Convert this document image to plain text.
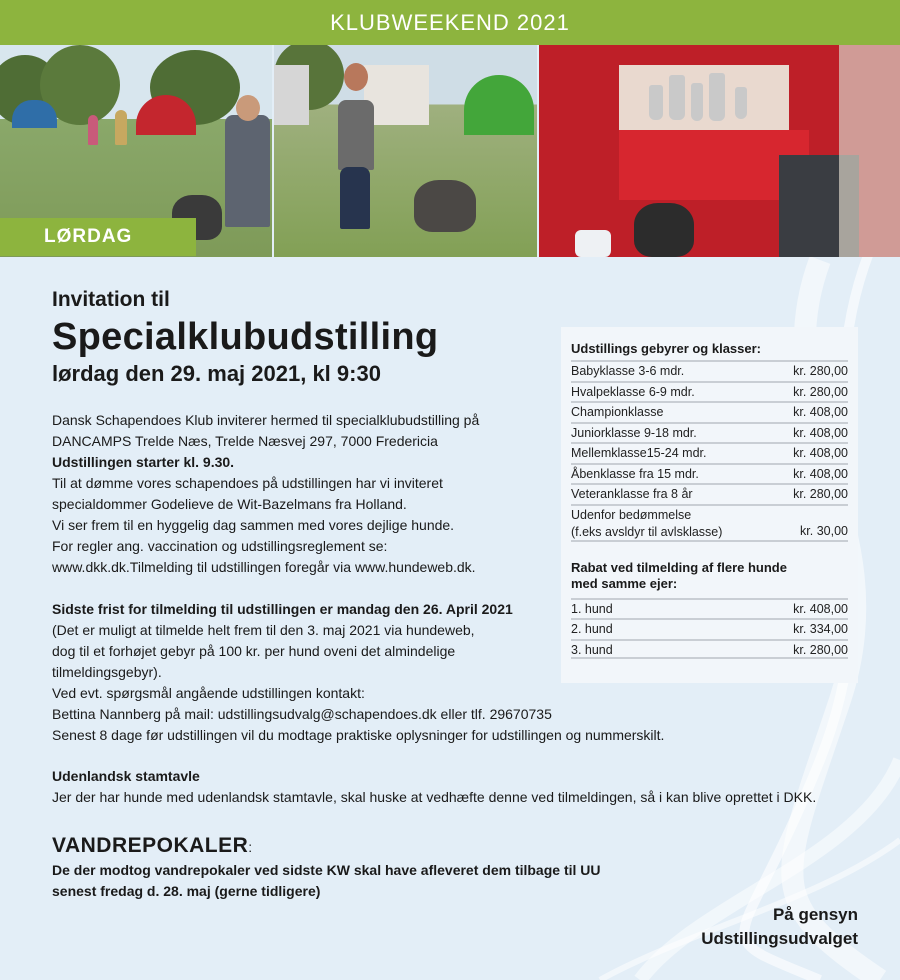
KLUBWEEKEND 2021
LØRDAG
Invitation til
Specialklubudstilling
lørdag den 29. maj 2021, kl 9:30

Dansk Schapendoes Klub inviterer hermed til specialklubudstilling på

DANCAMPS Trelde Næs, Trelde Næsvej 297, 7000 Fredericia

Udstillingen starter kl. 9.30.

Til at dømme vores schapendoes på udstillingen har vi inviteret

specialdommer Godelieve de Wit-Bazelmans fra Holland.

Vi ser frem til en hyggelig dag sammen med vores dejlige hunde.

For regler ang. vaccination og udstillingsreglement se:

www.dkk.dk.Tilmelding til udstillingen foregår via www.hundeweb.dk.

Sidste frist for tilmelding til udstillingen er mandag den 26. April 2021

(Det er muligt at tilmelde helt frem til den 3. maj 2021 via hundeweb,

dog til et forhøjet gebyr på 100 kr. per hund oveni det almindelige

tilmeldingsgebyr).

Ved evt. spørgsmål angående udstillingen kontakt:

Bettina Nannberg på mail: udstillingsudvalg@schapendoes.dk eller tlf. 29670735

Senest 8 dage før udstillingen vil du modtage praktiske oplysninger for udstillingen og nummerskilt.

Udenlandsk stamtavle

Jer der har hunde med udenlandsk stamtavle, skal huske at vedhæfte denne ved tilmeldingen, så i kan blive oprettet i DKK.

Udstillings gebyrer og klasser:
Babyklasse 3-6 mdr.	kr. 280,00
Hvalpeklasse 6-9 mdr.	kr. 280,00
Championklasse	kr. 408,00
Juniorklasse 9-18 mdr.	kr. 408,00
Mellemklasse15-24 mdr.	kr. 408,00
Åbenklasse fra 15 mdr.	kr. 408,00
Veteranklasse fra 8 år	kr. 280,00
Udenfor bedømmelse
(f.eks avsldyr til avlsklasse)	kr. 30,00
Rabat ved tilmelding af flere hunde
med samme ejer:
1. hund	kr. 408,00
2. hund	kr. 334,00
3. hund	kr. 280,00
VANDREPOKALER:
De der modtog vandrepokaler ved sidste KW skal have afleveret dem tilbage til UU
senest fredag d. 28. maj (gerne tidligere)
På gensyn
Udstillingsudvalget
